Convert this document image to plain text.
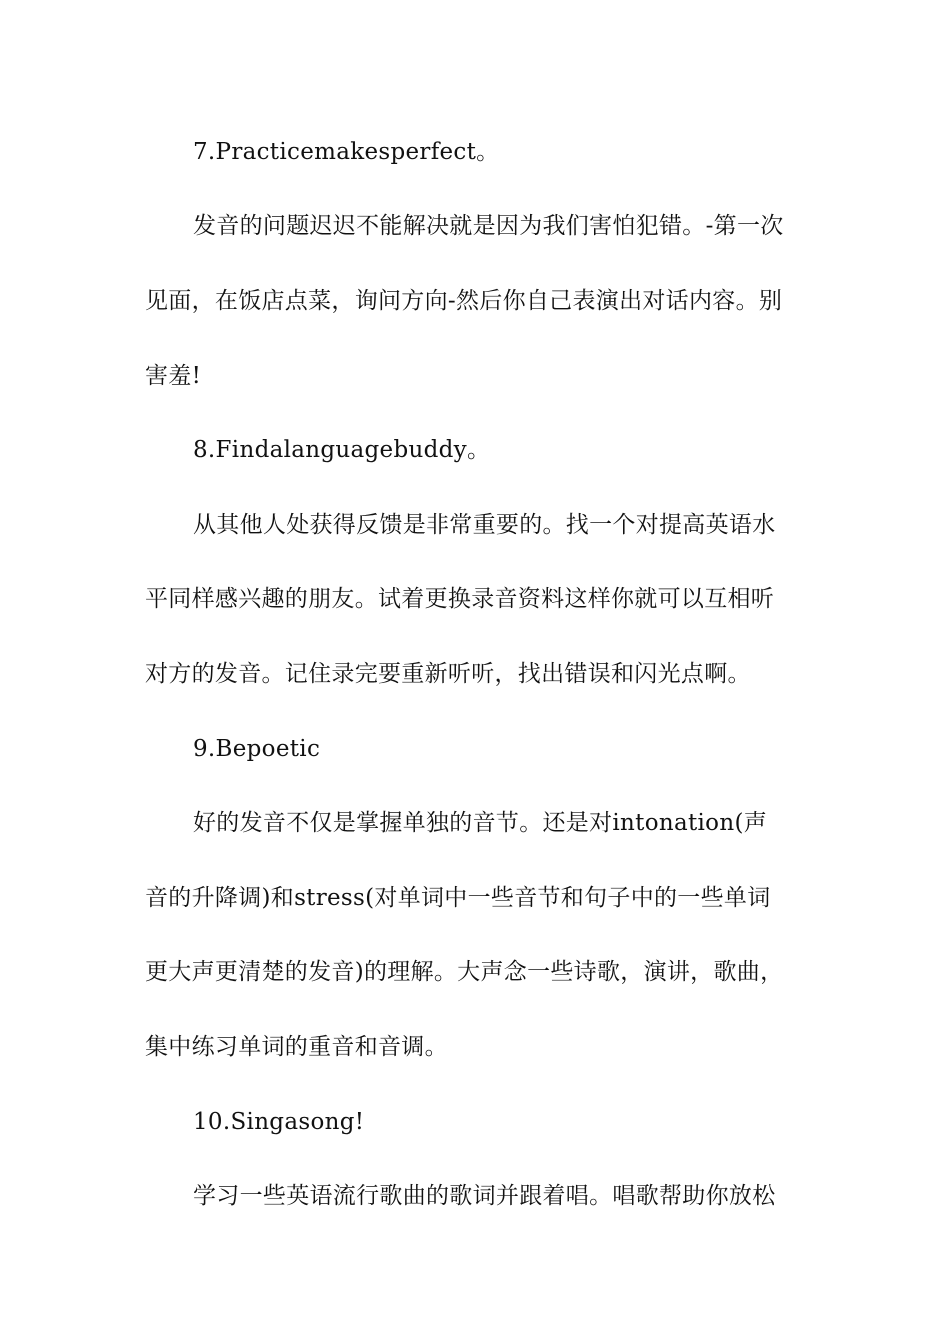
7.Practicemakesperfect。
发音的问题迟迟不能解决就是因为我们害怕犯错。-第一次
见面，在饭店点菜，询问方向-然后你自己表演出对话内容。别
害羞!
8.Findalanguagebuddy。
从其他人处获得反馈是非常重要的。找一个对提高英语水
平同样感兴趣的朋友。试着更换录音资料这样你就可以互相听
对方的发音。记住录完要重新听听，找出错误和闪光点啊。
9.Bepoetic
好的发音不仅是掌握单独的音节。还是对intonation(声
音的升降调)和stress(对单词中一些音节和句子中的一些单词
更大声更清楚的发音)的理解。大声念一些诗歌，演讲，歌曲，
集中练习单词的重音和音调。
10.Singasong!
学习一些英语流行歌曲的歌词并跟着唱。唱歌帮助你放松
